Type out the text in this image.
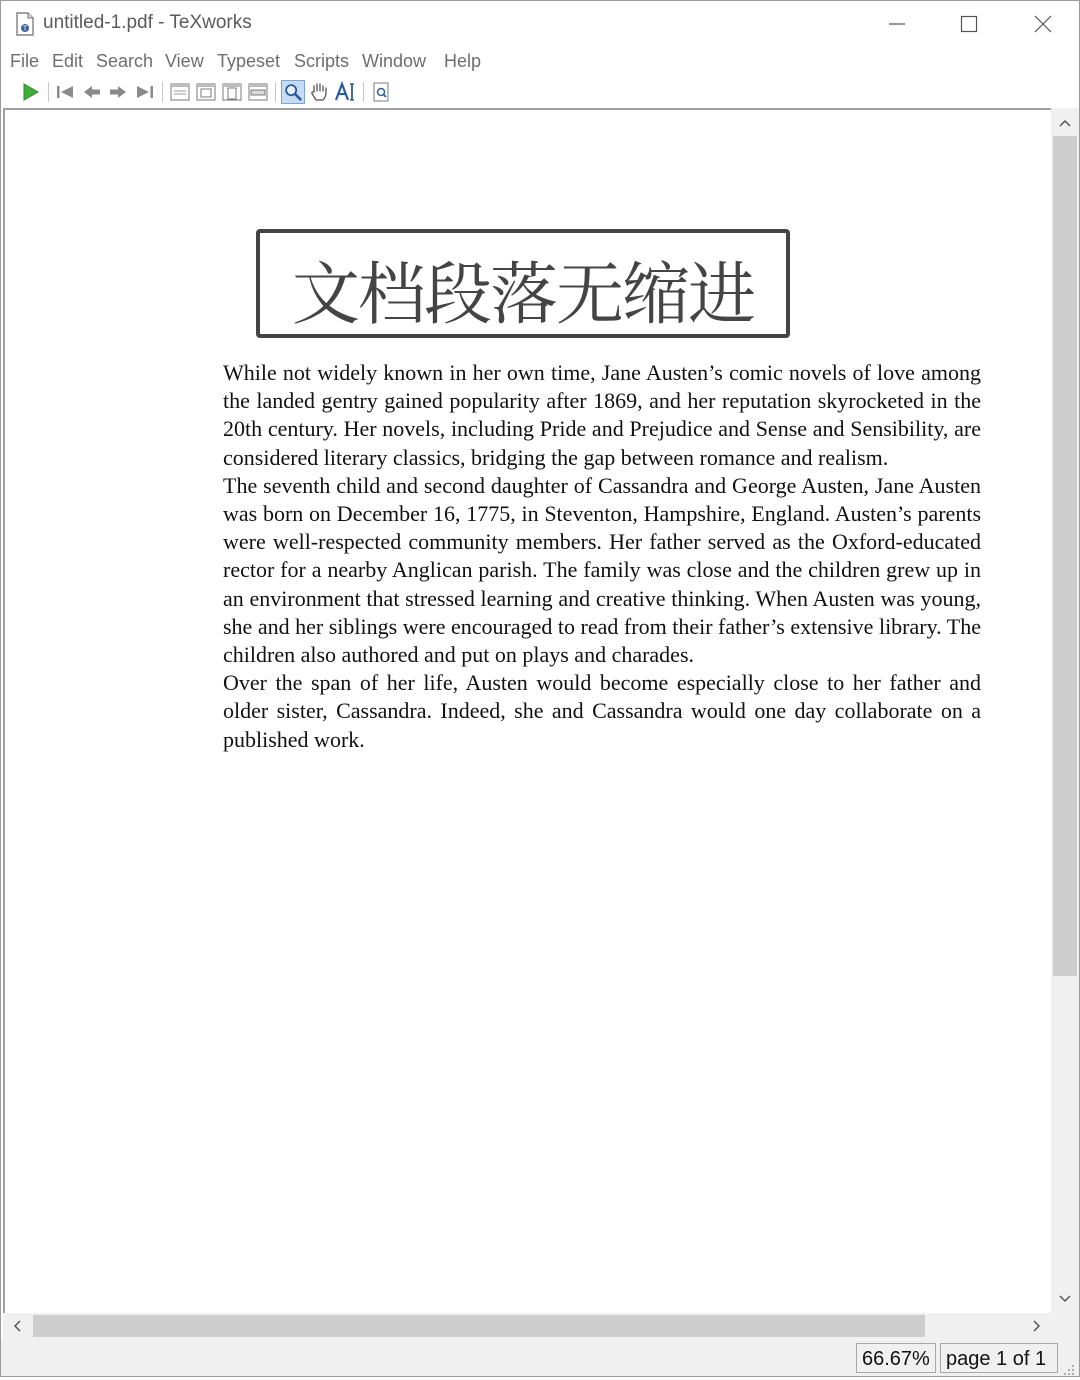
T untitled-1.pdf - TeXworks
File Edit Search View Typeset Scripts Window Help
文档段落无缩进

While not widely known in her own time, Jane Austen’s comic novels of love among the landed gentry gained popularity after 1869, and her reputation skyrocketed in the 20th century. Her novels, including Pride and Prejudice and Sense and Sensibility, are considered literary classics, bridging the gap between romance and realism.

The seventh child and second daughter of Cassandra and George Austen, Jane Austen was born on December 16, 1775, in Steventon, Hampshire, England. Austen’s parents were well-respected community members. Her father served as the Oxford-educated rector for a nearby Anglican parish. The family was close and the children grew up in an environment that stressed learning and creative thinking. When Austen was young, she and her siblings were encouraged to read from their father’s extensive library. The children also authored and put on plays and charades.

Over the span of her life, Austen would become especially close to her father and older sister, Cassandra. Indeed, she and Cassandra would one day collaborate on a published work.

66.67% page 1 of 1
